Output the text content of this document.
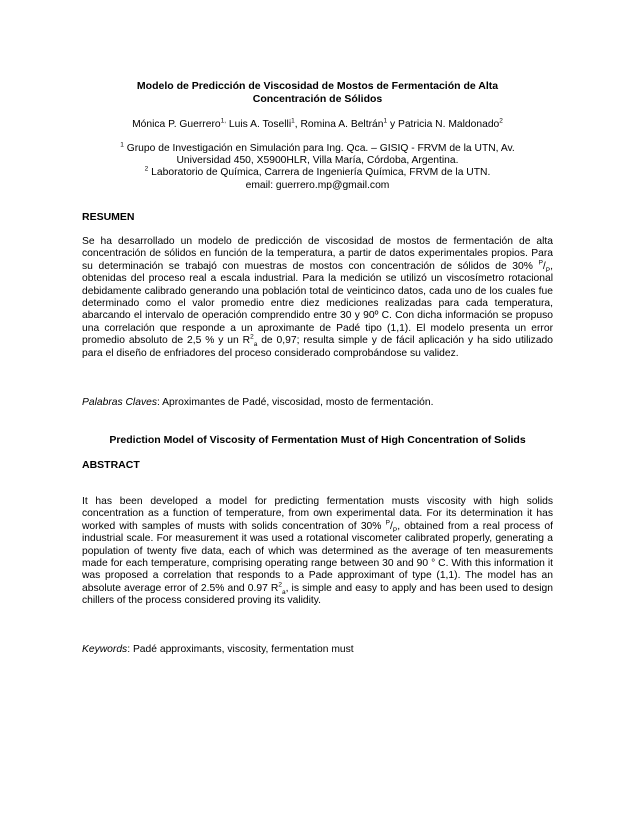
Modelo de Predicción de Viscosidad de Mostos de Fermentación de Alta
Concentración de Sólidos
Mónica P. Guerrero$^{1,}$ Luis A. Toselli$^1$, Romina A. Beltrán$^1$ y Patricia N. Maldonado$^2$

$^1$ Grupo de Investigación en Simulación para Ing. Qca. – GISIQ - FRVM de la UTN, Av.
Universidad 450, X5900HLR, Villa María, Córdoba, Argentina.

$^2$ Laboratorio de Química, Carrera de Ingeniería Química, FRVM de la UTN.

email: guerrero.mp@gmail.com

RESUMEN

Se ha desarrollado un modelo de predicción de viscosidad de mostos de fermentación de alta concentración de sólidos en función de la temperatura, a partir de datos experimentales propios. Para su determinación se trabajó con muestras de mostos con concentración de sólidos de 30% $^P/_P$, obtenidas del proceso real a escala industrial. Para la medición se utilizó un viscosímetro rotacional debidamente calibrado generando una población total de veinticinco datos, cada uno de los cuales fue determinado como el valor promedio entre diez mediciones realizadas para cada temperatura, abarcando el intervalo de operación comprendido entre 30 y 90º C. Con dicha información se propuso una correlación que responde a un aproximante de Padé tipo (1,1). El modelo presenta un error promedio absoluto de 2,5 % y un $R^2_a$ de 0,97; resulta simple y de fácil aplicación y ha sido utilizado para el diseño de enfriadores del proceso considerado comprobándose su validez.

Palabras Claves: Aproximantes de Padé, viscosidad, mosto de fermentación.

Prediction Model of Viscosity of Fermentation Must of High Concentration of Solids
ABSTRACT

It has been developed a model for predicting fermentation musts viscosity with high solids concentration as a function of temperature, from own experimental data. For its determination it has worked with samples of musts with solids concentration of 30% $^P/_P$, obtained from a real process of industrial scale. For measurement it was used a rotational viscometer calibrated properly, generating a population of twenty five data, each of which was determined as the average of ten measurements made for each temperature, comprising operating range between 30 and 90 ° C. With this information it was proposed a correlation that responds to a Pade approximant of type (1,1). The model has an absolute average error of 2.5% and 0.97 $R^2_a$, is simple and easy to apply and has been used to design chillers of the process considered proving its validity.

Keywords: Padé approximants, viscosity, fermentation must
